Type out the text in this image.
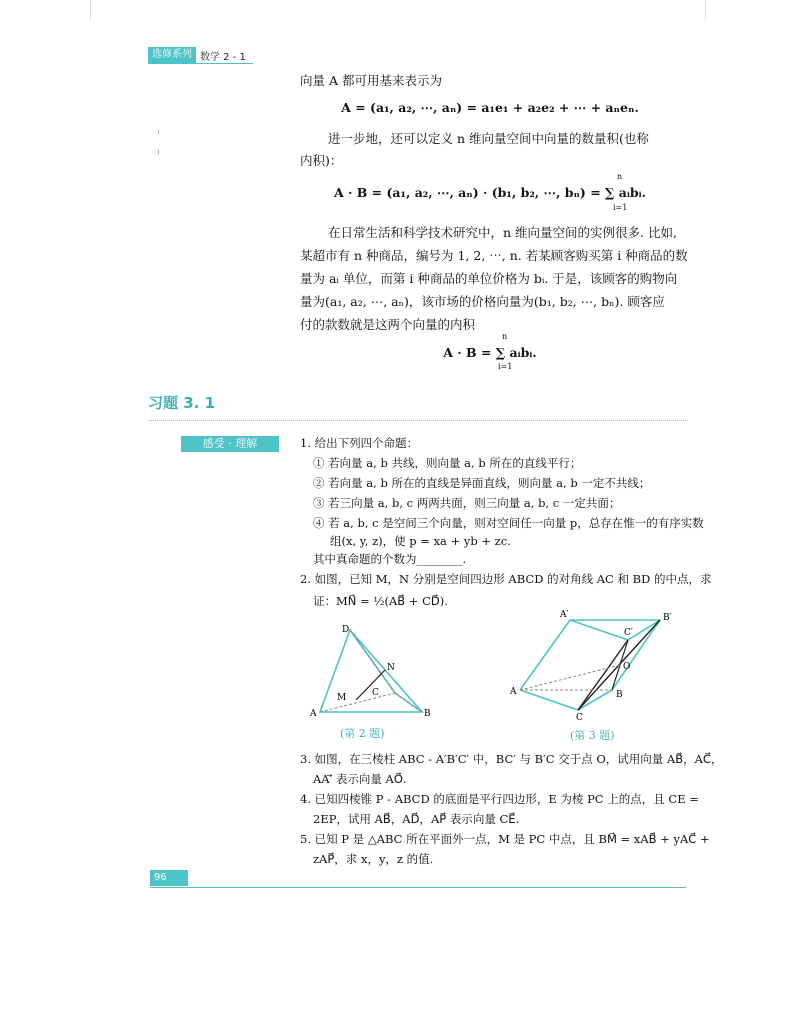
选修系列 数学 2 - 1
向量 A 都可用基来表示为
A = (a₁, a₂, ⋯, aₙ) = a₁e₁ + a₂e₂ + ⋯ + aₙeₙ.
进一步地，还可以定义 n 维向量空间中向量的数量积(也称
内积)：
A · B = (a₁, a₂, ⋯, aₙ) · (b₁, b₂, ⋯, bₙ) = ∑ aᵢbᵢ.
n
i=1
在日常生活和科学技术研究中，n 维向量空间的实例很多. 比如,
某超市有 n 种商品，编号为 1, 2, ⋯, n. 若某顾客购买第 i 种商品的数
量为 aᵢ 单位，而第 i 种商品的单位价格为 bᵢ. 于是，该顾客的购物向
量为(a₁, a₂, ⋯, aₙ)，该市场的价格向量为(b₁, b₂, ⋯, bₙ). 顾客应
付的款数就是这两个向量的内积
A · B = ∑ aᵢbᵢ.
n
i=1
习题 3. 1
感受 · 理解	1. 给出下列四个命题：
① 若向量 a, b 共线，则向量 a, b 所在的直线平行；
② 若向量 a, b 所在的直线是异面直线，则向量 a, b 一定不共线；
③ 若三向量 a, b, c 两两共面，则三向量 a, b, c 一定共面；
④ 若 a, b, c 是空间三个向量，则对空间任一向量 p，总存在惟一的有序实数
组(x, y, z)，使 p = xa + yb + zc.
其中真命题的个数为________.
2. 如图，已知 M，N 分别是空间四边形 ABCD 的对角线 AC 和 BD 的中点，求
证：MN⃗ = ½(AB⃗ + CD⃗).
D
N
C
M
A	B
(第 2 题)
A′
C′
B′
O
A	B
C
(第 3 题)
3. 如图，在三棱柱 ABC - A′B′C′ 中，BC′ 与 B′C 交于点 O，试用向量 AB⃗，AC⃗，
AA′⃗ 表示向量 AO⃗.
4. 已知四棱锥 P - ABCD 的底面是平行四边形，E 为棱 PC 上的点，且 CE =
2EP，试用 AB⃗，AD⃗，AP⃗ 表示向量 CE⃗.
5. 已知 P 是 △ABC 所在平面外一点，M 是 PC 中点，且 BM⃗ = xAB⃗ + yAC⃗ +
zAP⃗，求 x，y，z 的值.
96
